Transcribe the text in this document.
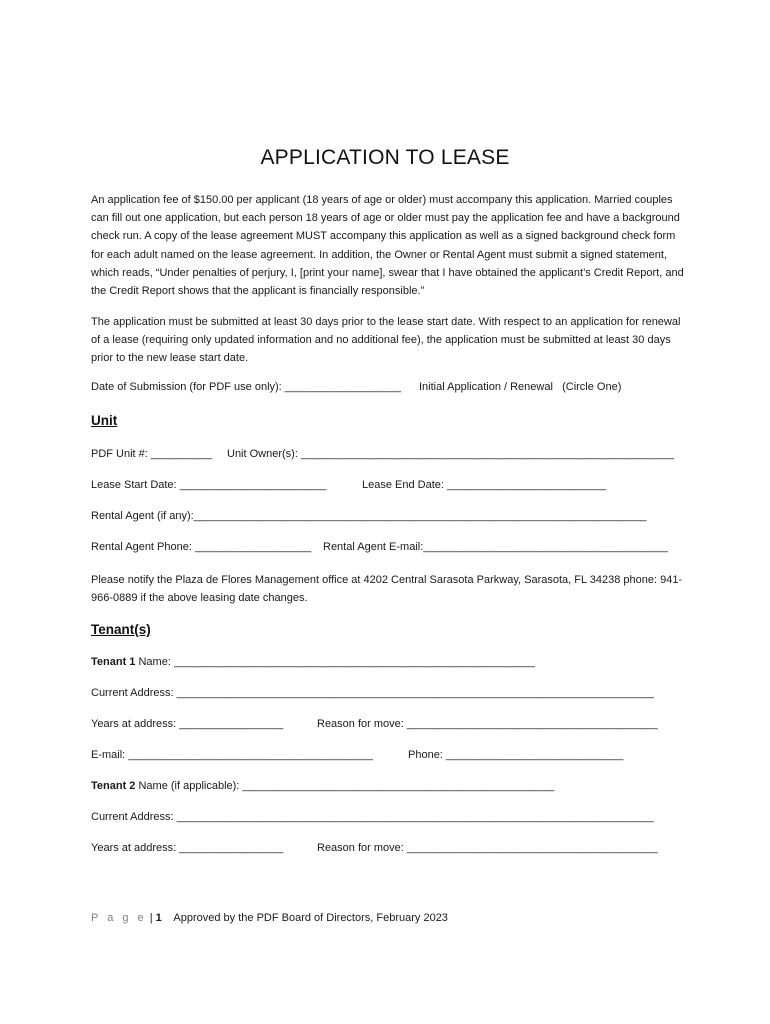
APPLICATION TO LEASE

An application fee of $150.00 per applicant (18 years of age or older) must accompany this application. Married couples can fill out one application, but each person 18 years of age or older must pay the application fee and have a background check run. A copy of the lease agreement MUST accompany this application as well as a signed background check form for each adult named on the lease agreement. In addition, the Owner or Rental Agent must submit a signed statement, which reads, “Under penalties of perjury, I, [print your name], swear that I have obtained the applicant’s Credit Report, and the Credit Report shows that the applicant is financially responsible.”

The application must be submitted at least 30 days prior to the lease start date. With respect to an application for renewal of a lease (requiring only updated information and no additional fee), the application must be submitted at least 30 days prior to the new lease start date.

Date of Submission (for PDF use only): ___________________ Initial Application / Renewal (Circle One)
Unit
PDF Unit #: __________ Unit Owner(s): _____________________________________________________________
Lease Start Date: ________________________	Lease End Date: __________________________
Rental Agent (if any):__________________________________________________________________________
Rental Agent Phone: ___________________ Rental Agent E-mail:________________________________________

Please notify the Plaza de Flores Management office at 4202 Central Sarasota Parkway, Sarasota, FL 34238 phone: 941-966-0889 if the above leasing date changes.

Tenant(s)
Tenant 1 Name: ___________________________________________________________
Current Address: ______________________________________________________________________________
Years at address: _________________	Reason for move: _________________________________________
E-mail: ________________________________________	Phone: _____________________________
Tenant 2 Name (if applicable): ___________________________________________________
Current Address: ______________________________________________________________________________
Years at address: _________________	Reason for move: _________________________________________
P a g e | 1 Approved by the PDF Board of Directors, February 2023
